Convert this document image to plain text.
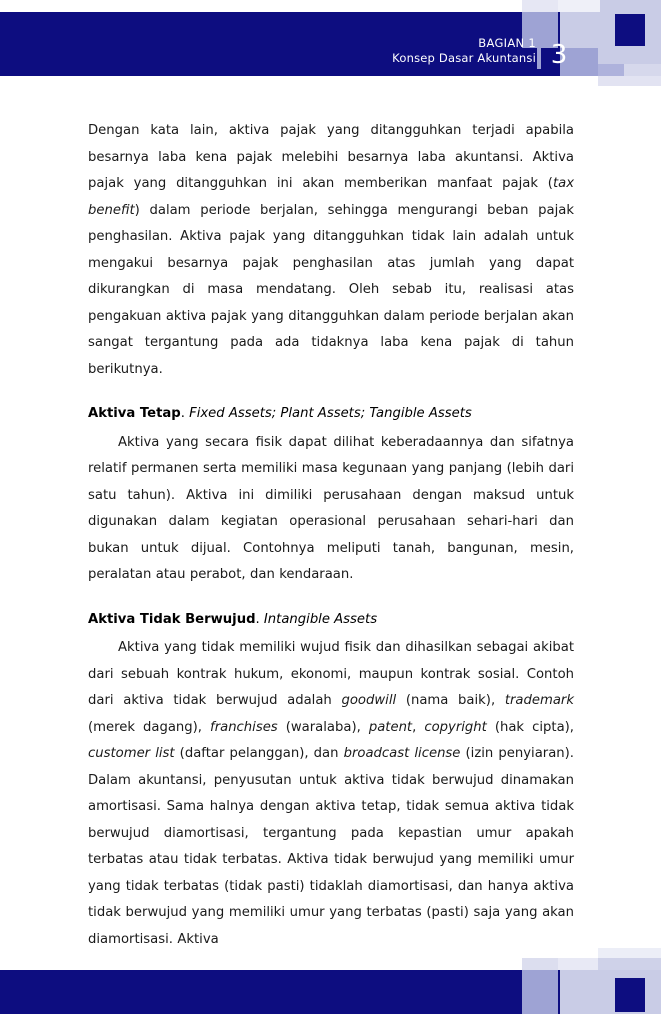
BAGIAN 1
Konsep Dasar Akuntansi 3

Dengan kata lain, aktiva pajak yang ditangguhkan terjadi apabila besarnya laba kena pajak melebihi besarnya laba akuntansi. Aktiva pajak yang ditangguhkan ini akan memberikan manfaat pajak (tax benefit) dalam periode berjalan, sehingga mengurangi beban pajak penghasilan. Aktiva pajak yang ditangguhkan tidak lain adalah untuk mengakui besarnya pajak penghasilan atas jumlah yang dapat dikurangkan di masa mendatang. Oleh sebab itu, realisasi atas pengakuan aktiva pajak yang ditangguhkan dalam periode berjalan akan sangat tergantung pada ada tidaknya laba kena pajak di tahun berikutnya.

Aktiva Tetap. Fixed Assets; Plant Assets; Tangible Assets

Aktiva yang secara fisik dapat dilihat keberadaannya dan sifatnya relatif permanen serta memiliki masa kegunaan yang panjang (lebih dari satu tahun). Aktiva ini dimiliki perusahaan dengan maksud untuk digunakan dalam kegiatan operasional perusahaan sehari-hari dan bukan untuk dijual. Contohnya meliputi tanah, bangunan, mesin, peralatan atau perabot, dan kendaraan.

Aktiva Tidak Berwujud. Intangible Assets

Aktiva yang tidak memiliki wujud fisik dan dihasilkan sebagai akibat dari sebuah kontrak hukum, ekonomi, maupun kontrak sosial. Contoh dari aktiva tidak berwujud adalah goodwill (nama baik), trademark (merek dagang), franchises (waralaba), patent, copyright (hak cipta), customer list (daftar pelanggan), dan broadcast license (izin penyiaran). Dalam akuntansi, penyusutan untuk aktiva tidak berwujud dinamakan amortisasi. Sama halnya dengan aktiva tetap, tidak semua aktiva tidak berwujud diamortisasi, tergantung pada kepastian umur apakah terbatas atau tidak terbatas. Aktiva tidak berwujud yang memiliki umur yang tidak terbatas (tidak pasti) tidaklah diamortisasi, dan hanya aktiva tidak berwujud yang memiliki umur yang terbatas (pasti) saja yang akan diamortisasi. Aktiva
